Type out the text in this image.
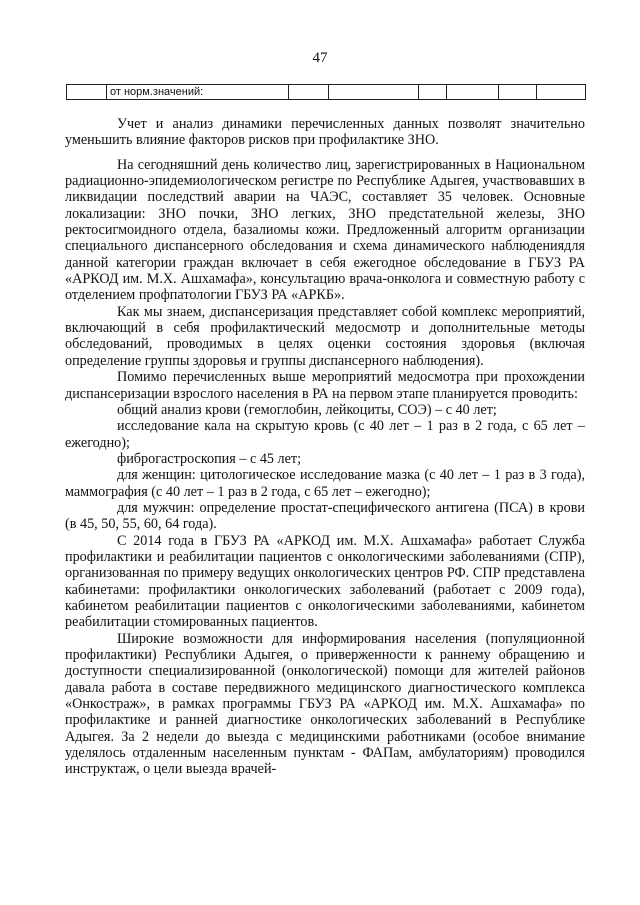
47
от норм.значений:

Учет и анализ динамики перечисленных данных позволят значительно уменьшить влияние факторов рисков при профилактике ЗНО.

На сегодняшний день количество лиц, зарегистрированных в Национальном радиационно-эпидемиологическом регистре по Республике Адыгея, участвовавших в ликвидации последствий аварии на ЧАЭС, составляет 35 человек. Основные локализации: ЗНО почки, ЗНО легких, ЗНО предстательной железы, ЗНО ректосигмоидного отдела, базалиомы кожи. Предложенный алгоритм организации специального диспансерного обследования и схема динамического наблюдениядля данной категории граждан включает в себя ежегодное обследование в ГБУЗ РА «АРКОД им. М.Х. Ашхамафа», консультацию врача-онколога и совместную работу с отделением профпатологии ГБУЗ РА «АРКБ».

Как мы знаем, диспансеризация представляет собой комплекс мероприятий, включающий в себя профилактический медосмотр и дополнительные методы обследований, проводимых в целях оценки состояния здоровья (включая определение группы здоровья и группы диспансерного наблюдения).

Помимо перечисленных выше мероприятий медосмотра при прохождении диспансеризации взрослого населения в РА на первом этапе планируется проводить:

общий анализ крови (гемоглобин, лейкоциты, СОЭ) – с 40 лет;

исследование кала на скрытую кровь (с 40 лет – 1 раз в 2 года, с 65 лет – ежегодно);

фиброгастроскопия – с 45 лет;

для женщин: цитологическое исследование мазка (с 40 лет – 1 раз в 3 года), маммография (с 40 лет – 1 раз в 2 года, с 65 лет – ежегодно);

для мужчин: определение простат-специфического антигена (ПСА) в крови (в 45, 50, 55, 60, 64 года).

С 2014 года в ГБУЗ РА «АРКОД им. М.Х. Ашхамафа» работает Служба профилактики и реабилитации пациентов с онкологическими заболеваниями (СПР), организованная по примеру ведущих онкологических центров РФ. СПР представлена кабинетами: профилактики онкологических заболеваний (работает с 2009 года), кабинетом реабилитации пациентов с онкологическими заболеваниями, кабинетом реабилитации стомированных пациентов.

Широкие возможности для информирования населения (популяционной профилактики) Республики Адыгея, о приверженности к раннему обращению и доступности специализированной (онкологической) помощи для жителей районов давала работа в составе передвижного медицинского диагностического комплекса «Онкострaж», в рамках программы ГБУЗ РА «АРКОД им. М.Х. Ашхамафа» по профилактике и ранней диагностике онкологических заболеваний в Республике Адыгея. За 2 недели до выезда с медицинскими работниками (особое внимание уделялось отдаленным населенным пунктам - ФАПам, амбулаториям) проводился инструктаж, о цели выезда врачей-
